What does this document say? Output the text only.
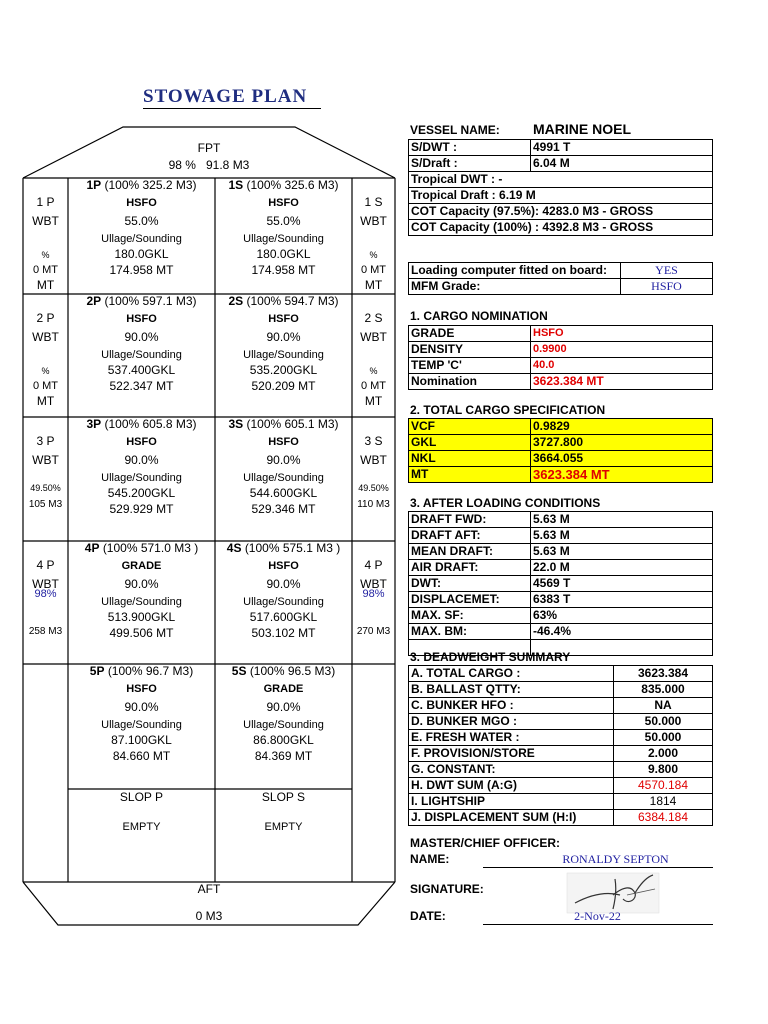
STOWAGE PLAN
FPT
98 % 91.8 M3
1P (100% 325.2 M3)	1S (100% 325.6 M3)
HSFO	HSFO
55.0%	55.0%
Ullage/Sounding	Ullage/Sounding
180.0GKL	180.0GKL
174.958 MT	174.958 MT
1 P
WBT
1 S
WBT
%	%
0 MT	0 MT
MT	MT
2P (100% 597.1 M3)	2S (100% 594.7 M3)
HSFO	HSFO
90.0%	90.0%
Ullage/Sounding	Ullage/Sounding
537.400GKL	535.200GKL
522.347 MT	520.209 MT
2 P
WBT
2 S
WBT
%	%
0 MT	0 MT
MT	MT
3P (100% 605.8 M3)	3S (100% 605.1 M3)
HSFO	HSFO
90.0%	90.0%
Ullage/Sounding	Ullage/Sounding
545.200GKL	544.600GKL
529.929 MT	529.346 MT
3 P
WBT
3 S
WBT
49.50%	49.50%
105 M3	110 M3
4P (100% 571.0 M3 )	4S (100% 575.1 M3 )
GRADE	HSFO
90.0%	90.0%
Ullage/Sounding	Ullage/Sounding
513.900GKL	517.600GKL
499.506 MT	503.102 MT
4 P
WBT
4 P
WBT
98%	98%
258 M3	270 M3
5P (100% 96.7 M3)	5S (100% 96.5 M3)
HSFO	GRADE
90.0%	90.0%
Ullage/Sounding	Ullage/Sounding
87.100GKL	86.800GKL
84.660 MT	84.369 MT
SLOP P	SLOP S
EMPTY	EMPTY
AFT
0 M3
VESSEL NAME: MARINE NOEL
S/DWT :	4991 T
S/Draft :	6.04 M
Tropical DWT : -	
Tropical Draft : 6.19 M	
COT Capacity (97.5%): 4283.0 M3 - GROSS	
COT Capacity (100%) : 4392.8 M3 - GROSS	
Loading computer fitted on board:	YES
MFM Grade:	HSFO
1. CARGO NOMINATION
GRADE	HSFO
DENSITY	0.9900
TEMP 'C'	40.0
Nomination	3623.384 MT
2. TOTAL CARGO SPECIFICATION
VCF	0.9829
GKL	3727.800
NKL	3664.055
MT	3623.384 MT
3. AFTER LOADING CONDITIONS
DRAFT FWD:	5.63 M
DRAFT AFT:	5.63 M
MEAN DRAFT:	5.63 M
AIR DRAFT:	22.0 M
DWT:	4569 T
DISPLACEMET:	6383 T
MAX. SF:	63%
MAX. BM:	-46.4%

3. DEADWEIGHT SUMMARY
A. TOTAL CARGO :	3623.384
B. BALLAST QTTY:	835.000
C. BUNKER HFO :	NA
D. BUNKER MGO :	50.000
E. FRESH WATER :	50.000
F. PROVISION/STORE	2.000
G. CONSTANT:	9.800
H. DWT SUM (A:G)	4570.184
I. LIGHTSHIP	1814
J. DISPLACEMENT SUM (H:I)	6384.184
MASTER/CHIEF OFFICER:
NAME:	RONALDY SEPTON
SIGNATURE:
DATE:	2-Nov-22
